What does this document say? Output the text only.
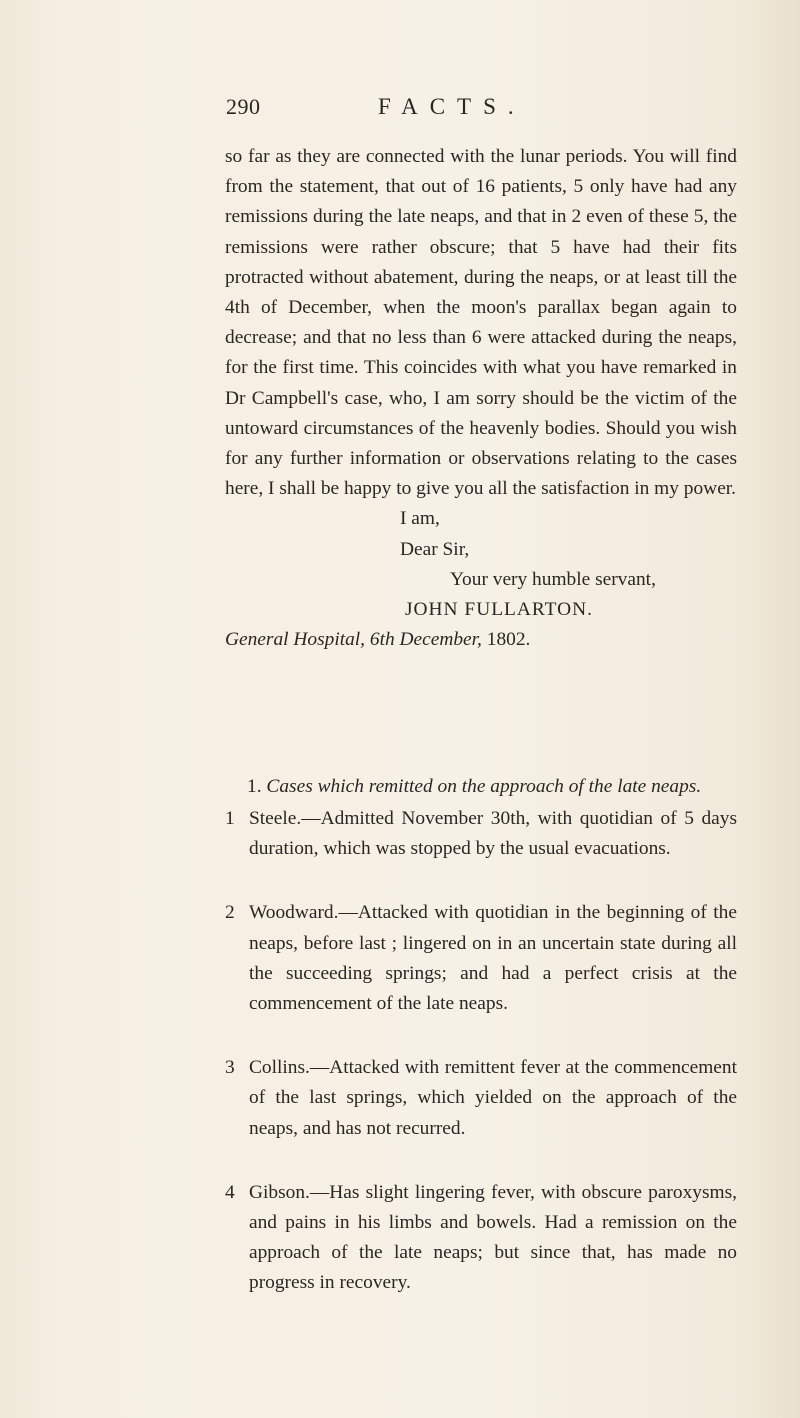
290	FACTS.

so far as they are connected with the lunar periods. You will find from the statement, that out of 16 patients, 5 only have had any remissions during the late neaps, and that in 2 even of these 5, the remissions were rather obscure; that 5 have had their fits protracted without abatement, during the neaps, or at least till the 4th of December, when the moon's parallax began again to decrease; and that no less than 6 were attacked during the neaps, for the first time. This coincides with what you have remarked in Dr Campbell's case, who, I am sorry should be the victim of the untoward circumstances of the heavenly bodies. Should you wish for any further information or observations relating to the cases here, I shall be happy to give you all the satisfaction in my power.

I am,
Dear Sir,
Your very humble servant,
JOHN FULLARTON.
General Hospital, 6th December, 1802.
1. Cases which remitted on the approach of the late neaps.

1 Steele.—Admitted November 30th, with quotidian of 5 days duration, which was stopped by the usual evacuations.

2 Woodward.—Attacked with quotidian in the beginning of the neaps, before last ; lingered on in an uncertain state during all the succeeding springs; and had a perfect crisis at the commencement of the late neaps.

3 Collins.—Attacked with remittent fever at the commencement of the last springs, which yielded on the approach of the neaps, and has not recurred.

4 Gibson.—Has slight lingering fever, with obscure paroxysms, and pains in his limbs and bowels. Had a remission on the approach of the late neaps; but since that, has made no progress in recovery.
